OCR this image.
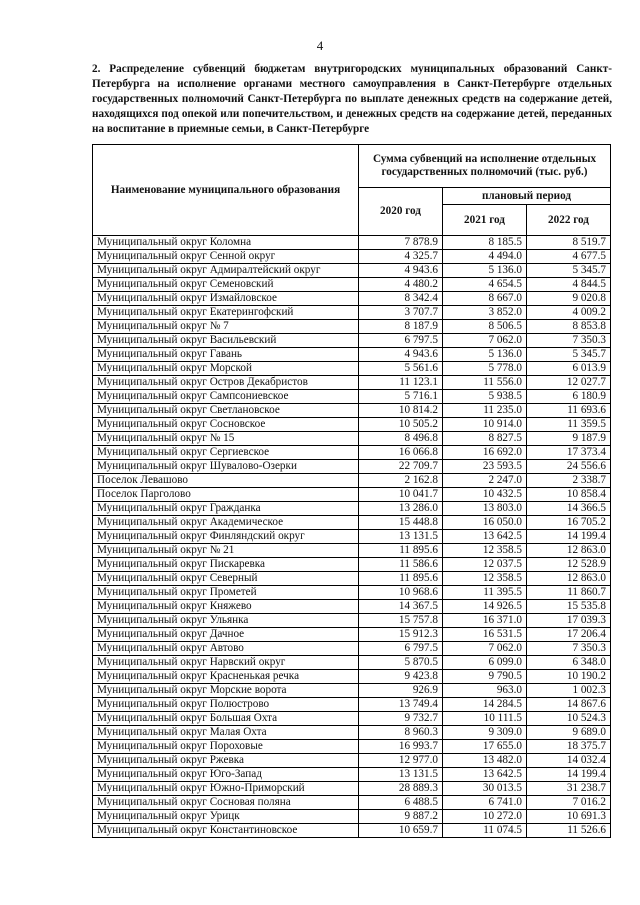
4
2. Распределение субвенций бюджетам внутригородских муниципальных образований Санкт-Петербурга на исполнение органами местного самоуправления в Санкт-Петербурге отдельных государственных полномочий Санкт-Петербурга по выплате денежных средств на содержание детей, находящихся под опекой или попечительством, и денежных средств на содержание детей, переданных на воспитание в приемные семьи, в Санкт-Петербурге
Наименование муниципального образования	Сумма субвенций на исполнение отдельных государственных полномочий (тыс. руб.)		
	2020 год	плановый период	
		2021 год	2022 год
Муниципальный округ Коломна	7 878.9	8 185.5	8 519.7
Муниципальный округ Сенной округ	4 325.7	4 494.0	4 677.5
Муниципальный округ Адмиралтейский округ	4 943.6	5 136.0	5 345.7
Муниципальный округ Семеновский	4 480.2	4 654.5	4 844.5
Муниципальный округ Измайловское	8 342.4	8 667.0	9 020.8
Муниципальный округ Екатерингофский	3 707.7	3 852.0	4 009.2
Муниципальный округ № 7	8 187.9	8 506.5	8 853.8
Муниципальный округ Васильевский	6 797.5	7 062.0	7 350.3
Муниципальный округ Гавань	4 943.6	5 136.0	5 345.7
Муниципальный округ Морской	5 561.6	5 778.0	6 013.9
Муниципальный округ Остров Декабристов	11 123.1	11 556.0	12 027.7
Муниципальный округ Сампсониевское	5 716.1	5 938.5	6 180.9
Муниципальный округ Светлановское	10 814.2	11 235.0	11 693.6
Муниципальный округ Сосновское	10 505.2	10 914.0	11 359.5
Муниципальный округ № 15	8 496.8	8 827.5	9 187.9
Муниципальный округ Сергиевское	16 066.8	16 692.0	17 373.4
Муниципальный округ Шувалово-Озерки	22 709.7	23 593.5	24 556.6
Поселок Левашово	2 162.8	2 247.0	2 338.7
Поселок Парголово	10 041.7	10 432.5	10 858.4
Муниципальный округ Гражданка	13 286.0	13 803.0	14 366.5
Муниципальный округ Академическое	15 448.8	16 050.0	16 705.2
Муниципальный округ Финляндский округ	13 131.5	13 642.5	14 199.4
Муниципальный округ № 21	11 895.6	12 358.5	12 863.0
Муниципальный округ Пискаревка	11 586.6	12 037.5	12 528.9
Муниципальный округ Северный	11 895.6	12 358.5	12 863.0
Муниципальный округ Прометей	10 968.6	11 395.5	11 860.7
Муниципальный округ Княжево	14 367.5	14 926.5	15 535.8
Муниципальный округ Ульянка	15 757.8	16 371.0	17 039.3
Муниципальный округ Дачное	15 912.3	16 531.5	17 206.4
Муниципальный округ Автово	6 797.5	7 062.0	7 350.3
Муниципальный округ Нарвский округ	5 870.5	6 099.0	6 348.0
Муниципальный округ Красненькая речка	9 423.8	9 790.5	10 190.2
Муниципальный округ Морские ворота	926.9	963.0	1 002.3
Муниципальный округ Полюстрово	13 749.4	14 284.5	14 867.6
Муниципальный округ Большая Охта	9 732.7	10 111.5	10 524.3
Муниципальный округ Малая Охта	8 960.3	9 309.0	9 689.0
Муниципальный округ Пороховые	16 993.7	17 655.0	18 375.7
Муниципальный округ Ржевка	12 977.0	13 482.0	14 032.4
Муниципальный округ Юго-Запад	13 131.5	13 642.5	14 199.4
Муниципальный округ Южно-Приморский	28 889.3	30 013.5	31 238.7
Муниципальный округ Сосновая поляна	6 488.5	6 741.0	7 016.2
Муниципальный округ Урицк	9 887.2	10 272.0	10 691.3
Муниципальный округ Константиновское	10 659.7	11 074.5	11 526.6
